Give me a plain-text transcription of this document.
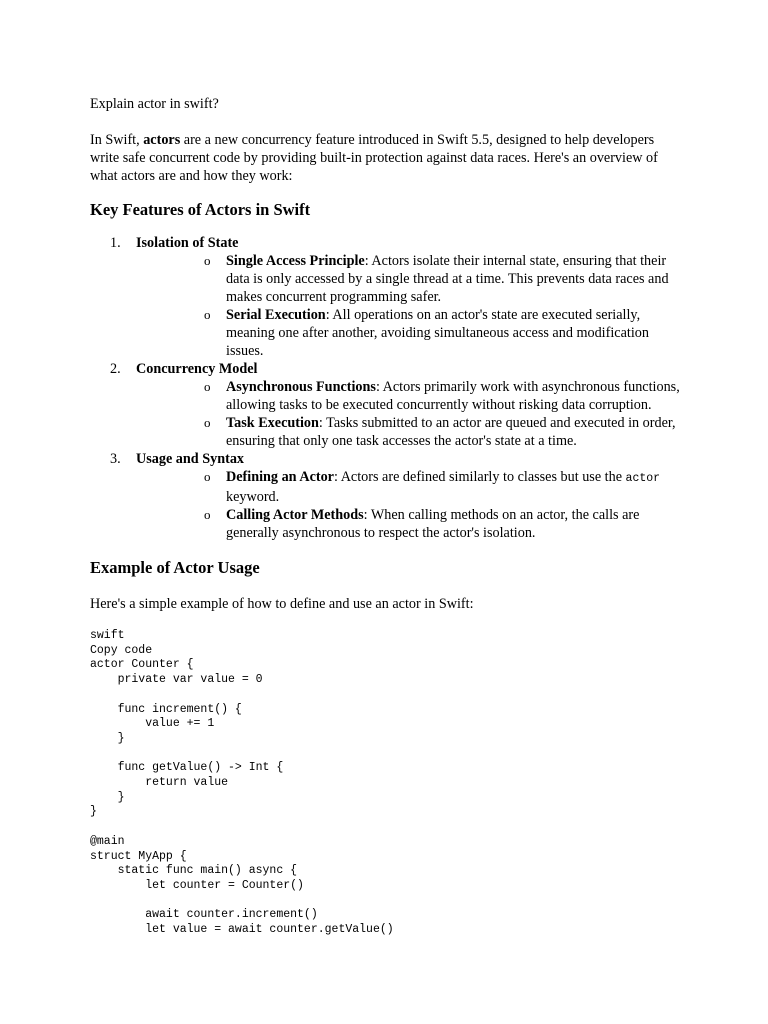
Explain actor in swift?

In Swift, actors are a new concurrency feature introduced in Swift 5.5, designed to help developers write safe concurrent code by providing built-in protection against data races. Here's an overview of what actors are and how they work:

Key Features of Actors in Swift
1. Isolation of State
o Single Access Principle: Actors isolate their internal state, ensuring that their data is only accessed by a single thread at a time. This prevents data races and makes concurrent programming safer.
o Serial Execution: All operations on an actor's state are executed serially, meaning one after another, avoiding simultaneous access and modification issues.
2. Concurrency Model
o Asynchronous Functions: Actors primarily work with asynchronous functions, allowing tasks to be executed concurrently without risking data corruption.
o Task Execution: Tasks submitted to an actor are queued and executed in order, ensuring that only one task accesses the actor's state at a time.
3. Usage and Syntax
o Defining an Actor: Actors are defined similarly to classes but use the actor keyword.
o Calling Actor Methods: When calling methods on an actor, the calls are generally asynchronous to respect the actor's isolation.
Example of Actor Usage

Here's a simple example of how to define and use an actor in Swift:

swift
Copy code
actor Counter {
private var value = 0

func increment() {
value += 1
}

func getValue() -> Int {
return value
}
}

@main
struct MyApp {
static func main() async {
let counter = Counter()

await counter.increment()
let value = await counter.getValue()
